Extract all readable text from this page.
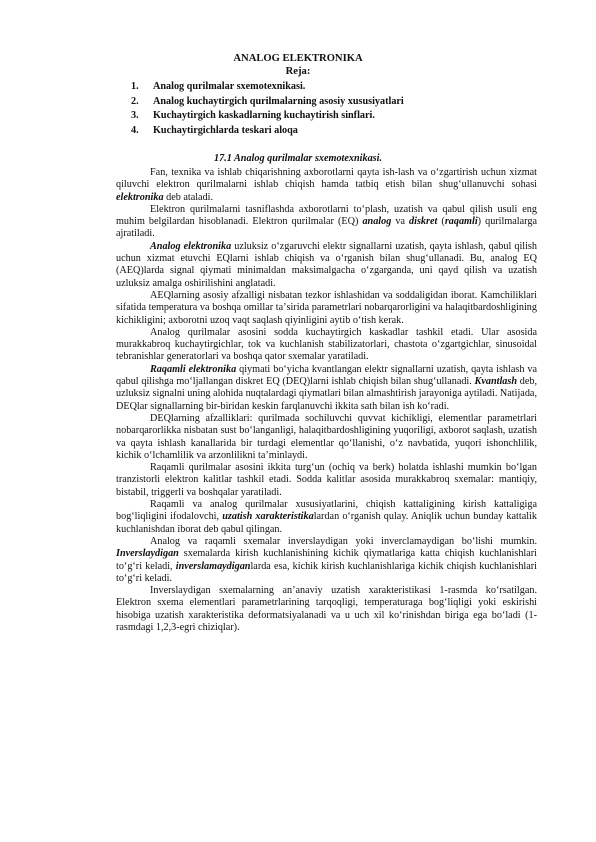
ANALOG ELEKTRONIKA
Reja:
1. Analog qurilmalar sxemotexnikasi.
2. Analog kuchaytirgich qurilmalarning asosiy xususiyatlari
3. Kuchaytirgich kaskadlarning kuchaytirish sinflari.
4. Kuchaytirgichlarda teskari aloqa
17.1 Analog qurilmalar sxemotexnikasi.

Fan, texnika va ishlab chiqarishning axborotlarni qayta ish-lash va oʻzgartirish uchun xizmat qiluvchi elektron qurilmalarni ishlab chiqish hamda tatbiq etish bilan shugʻullanuvchi sohasi elektronika deb ataladi.

Elektron qurilmalarni tasniflashda axborotlarni toʻplash, uzatish va qabul qilish usuli eng muhim belgilardan hisoblanadi. Elektron qurilmalar (EQ) analog va diskret (raqamli) qurilmalarga ajratiladi.

Analog elektronika uzluksiz oʻzgaruvchi elektr signallarni uzatish, qayta ishlash, qabul qilish uchun xizmat etuvchi EQlarni ishlab chiqish va oʻrganish bilan shugʻullanadi. Bu, analog EQ (AEQ)larda signal qiymati minimaldan maksimalgacha oʻzgarganda, uni qayd qilish va uzatish uzluksiz amalga oshirilishini anglatadi.

AEQlarning asosiy afzalligi nisbatan tezkor ishlashidan va soddaligidan iborat. Kamchiliklari sifatida temperatura va boshqa omillar taʼsirida parametrlari nobarqarorligini va halaqitbardoshligining kichikligini; axborotni uzoq vaqt saqlash qiyinligini aytib oʻtish kerak.

Analog qurilmalar asosini sodda kuchaytirgich kaskadlar tashkil etadi. Ular asosida murakkabroq kuchaytirgichlar, tok va kuchlanish stabilizatorlari, chastota oʻzgartgichlar, sinusoidal tebranishlar generatorlari va boshqa qator sxemalar yaratiladi.

Raqamli elektronika qiymati boʻyicha kvantlangan elektr signallarni uzatish, qayta ishlash va qabul qilishga moʻljallangan diskret EQ (DEQ)larni ishlab chiqish bilan shugʻullanadi. Kvantlash deb, uzluksiz signalni uning alohida nuqtalardagi qiymatlari bilan almashtirish jarayoniga aytiladi. Natijada, DEQlar signallarning bir-biridan keskin farqlanuvchi ikkita sath bilan ish koʻradi.

DEQlarning afzalliklari: qurilmada sochiluvchi quvvat kichikligi, elementlar parametrlari nobarqarorlikka nisbatan sust boʻlanganligi, halaqitbardoshligining yuqoriligi, axborot saqlash, uzatish va qayta ishlash kanallarida bir turdagi elementlar qoʻllanishi, oʻz navbatida, yuqori ishonchlilik, kichik oʻlchamlilik va arzonlilikni taʼminlaydi.

Raqamli qurilmalar asosini ikkita turgʻun (ochiq va berk) holatda ishlashi mumkin boʻlgan tranzistorli elektron kalitlar tashkil etadi. Sodda kalitlar asosida murakkabroq sxemalar: mantiqiy, bistabil, triggerli va boshqalar yaratiladi.

Raqamli va analog qurilmalar xususiyatlarini, chiqish kattaligining kirish kattaligiga bogʻliqligini ifodalovchi, uzatish xarakteristikalardan oʻrganish qulay. Aniqlik uchun bunday kattalik kuchlanishdan iborat deb qabul qilingan.

Analog va raqamli sxemalar inverslaydigan yoki inverclamaydigan boʻlishi mumkin. Inverslaydigan sxemalarda kirish kuchlanishining kichik qiymatlariga katta chiqish kuchlanishlari toʻgʻri keladi, inverslamaydiganlarda esa, kichik kirish kuchlanishlariga kichik chiqish kuchlanishlari toʻgʻri keladi.

Inverslaydigan sxemalarning anʼanaviy uzatish xarakteristikasi 1-rasmda koʻrsatilgan. Elektron sxema elementlari parametrlarining tarqoqligi, temperaturaga bogʻliqligi yoki eskirishi hisobiga uzatish xarakteristika deformatsiyalanadi va u uch xil koʻrinishdan biriga ega boʻladi (1-rasmdagi 1,2,3-egri chiziqlar).
